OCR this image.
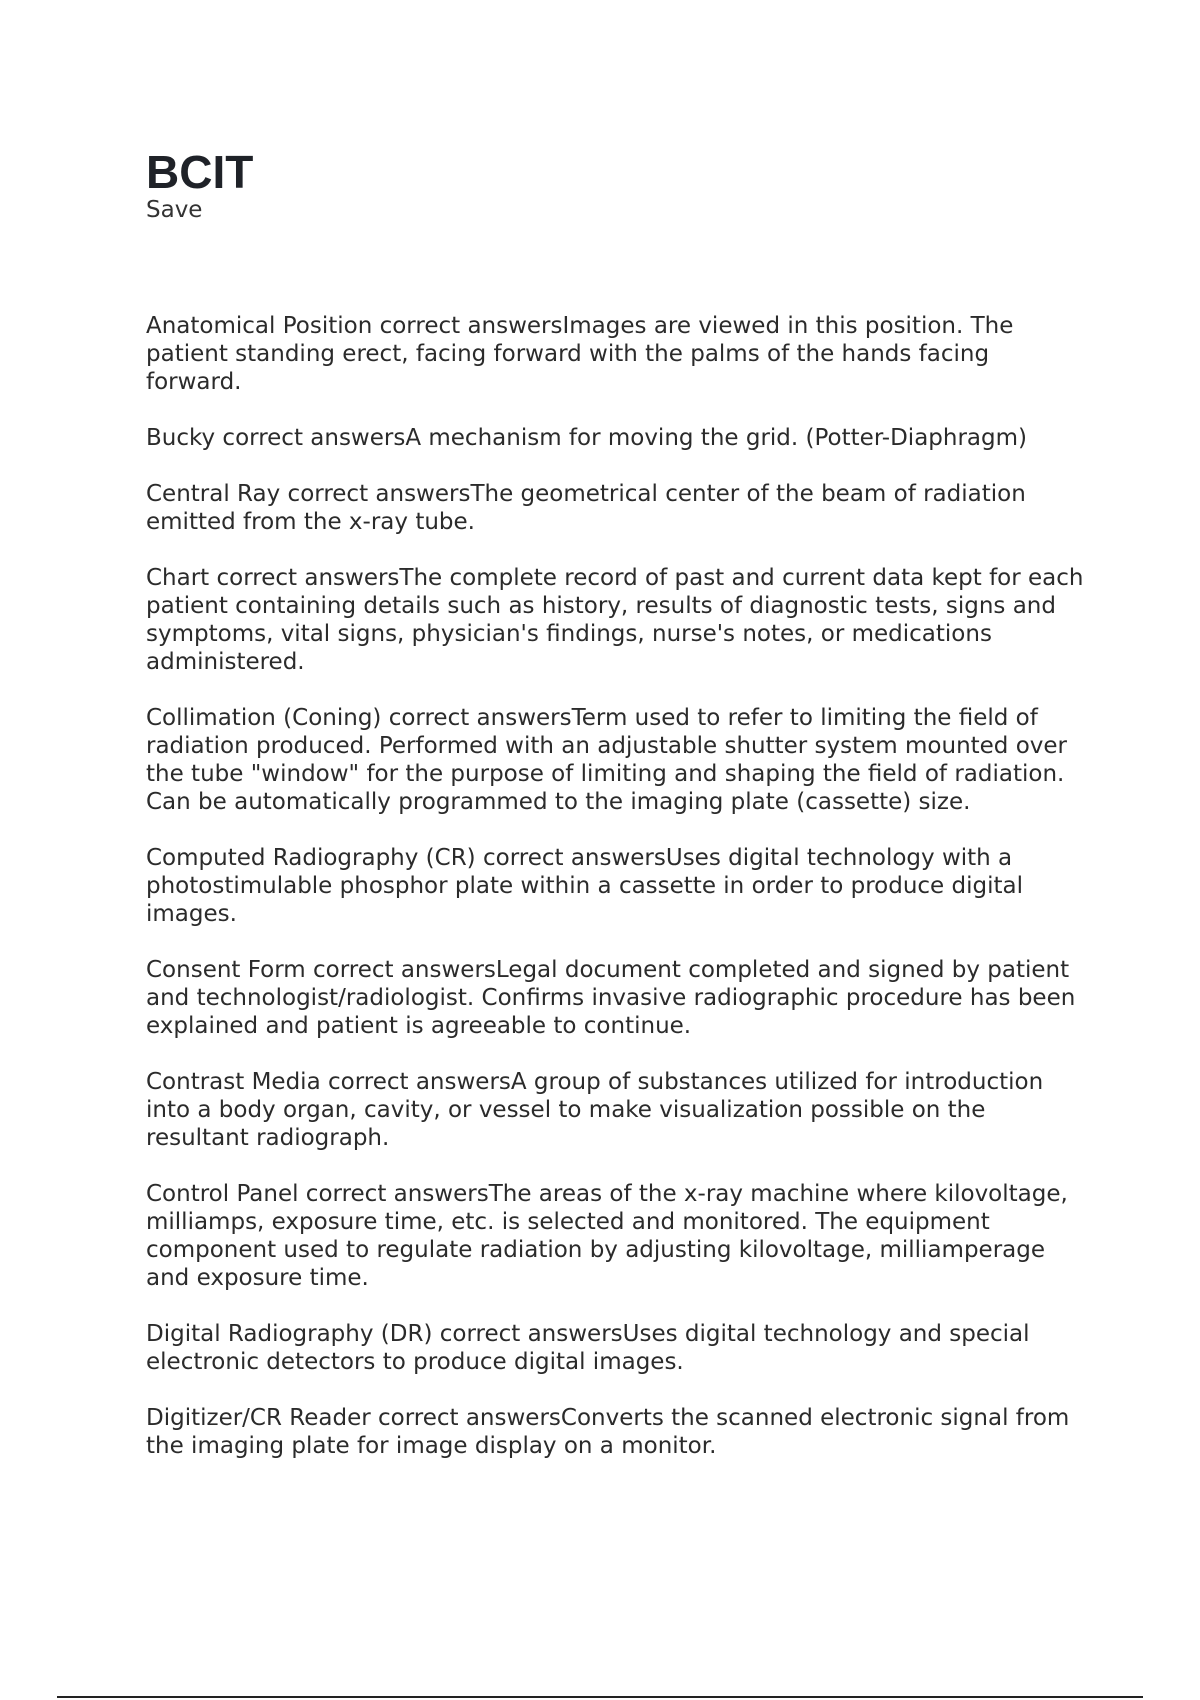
BCIT
Save

Anatomical Position correct answersImages are viewed in this position. The patient standing erect, facing forward with the palms of the hands facing forward.

Bucky correct answersA mechanism for moving the grid. (Potter-Diaphragm)

Central Ray correct answersThe geometrical center of the beam of radiation emitted from the x-ray tube.

Chart correct answersThe complete record of past and current data kept for each patient containing details such as history, results of diagnostic tests, signs and symptoms, vital signs, physician's findings, nurse's notes, or medications administered.

Collimation (Coning) correct answersTerm used to refer to limiting the field of radiation produced. Performed with an adjustable shutter system mounted over the tube "window" for the purpose of limiting and shaping the field of radiation. Can be automatically programmed to the imaging plate (cassette) size.

Computed Radiography (CR) correct answersUses digital technology with a photostimulable phosphor plate within a cassette in order to produce digital images.

Consent Form correct answersLegal document completed and signed by patient and technologist/radiologist. Confirms invasive radiographic procedure has been explained and patient is agreeable to continue.

Contrast Media correct answersA group of substances utilized for introduction into a body organ, cavity, or vessel to make visualization possible on the resultant radiograph.

Control Panel correct answersThe areas of the x-ray machine where kilovoltage, milliamps, exposure time, etc. is selected and monitored. The equipment component used to regulate radiation by adjusting kilovoltage, milliamperage and exposure time.

Digital Radiography (DR) correct answersUses digital technology and special electronic detectors to produce digital images.

Digitizer/CR Reader correct answersConverts the scanned electronic signal from the imaging plate for image display on a monitor.
